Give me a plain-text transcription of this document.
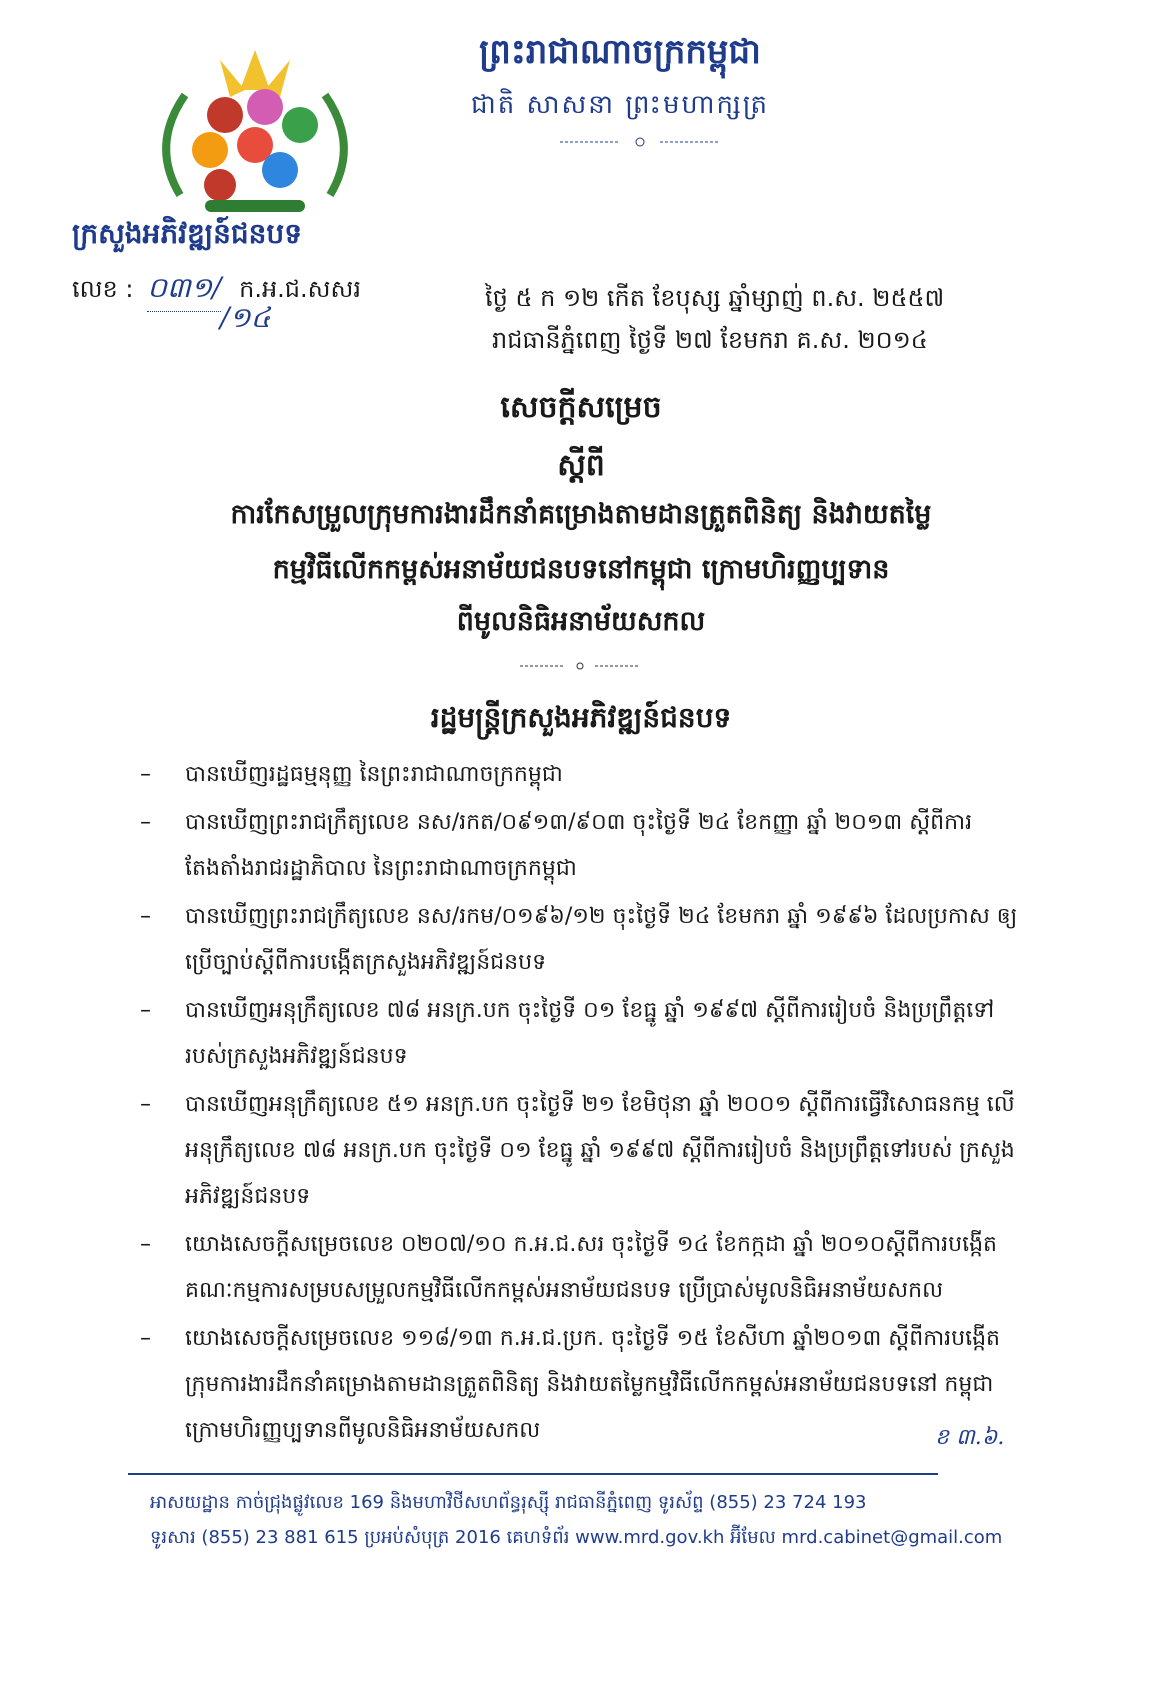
ព្រះរាជាណាចក្រកម្ពុជា
ជាតិ សាសនា ព្រះមហាក្សត្រ
ក្រសួងអភិវឌ្ឍន៍ជនបទ
លេខ : ០៣១/ ក.អ.ជ.សសរ
/១៤
ថ្ងៃ ៥ ក ១២ កើត ខែបុស្ស ឆ្នាំម្សាញ់ ព.ស. ២៥៥៧
រាជធានីភ្នំពេញ ថ្ងៃទី ២៧ ខែមករា គ.ស. ២០១៤
សេចក្តីសម្រេច
ស្តីពី
ការកែសម្រួលក្រុមការងារដឹកនាំគម្រោងតាមដានត្រួតពិនិត្យ និងវាយតម្លៃ
កម្មវិធីលើកកម្ពស់អនាម័យជនបទនៅកម្ពុជា ក្រោមហិរញ្ញប្បទាន
ពីមូលនិធិអនាម័យសកល
រដ្ឋមន្ត្រីក្រសួងអភិវឌ្ឍន៍ជនបទ
– បានឃើញរដ្ឋធម្មនុញ្ញ នៃព្រះរាជាណាចក្រកម្ពុជា
– បានឃើញព្រះរាជក្រឹត្យលេខ នស/រកត/០៩១៣/៩០៣ ចុះថ្ងៃទី ២៤ ខែកញ្ញា ឆ្នាំ ២០១៣ ស្តីពីការ តែងតាំងរាជរដ្ឋាភិបាល នៃព្រះរាជាណាចក្រកម្ពុជា
– បានឃើញព្រះរាជក្រឹត្យលេខ នស/រកម/០១៩៦/១២ ចុះថ្ងៃទី ២៤ ខែមករា ឆ្នាំ ១៩៩៦ ដែលប្រកាស ឲ្យប្រើច្បាប់ស្តីពីការបង្កើតក្រសួងអភិវឌ្ឍន៍ជនបទ
– បានឃើញអនុក្រឹត្យលេខ ៧៨ អនក្រ.បក ចុះថ្ងៃទី ០១ ខែធ្នូ ឆ្នាំ ១៩៩៧ ស្តីពីការរៀបចំ និងប្រព្រឹត្តទៅ របស់ក្រសួងអភិវឌ្ឍន៍ជនបទ
– បានឃើញអនុក្រឹត្យលេខ ៥១ អនក្រ.បក ចុះថ្ងៃទី ២១ ខែមិថុនា ឆ្នាំ ២០០១ ស្តីពីការធ្វើវិសោធនកម្ម លើអនុក្រឹត្យលេខ ៧៨ អនក្រ.បក ចុះថ្ងៃទី ០១ ខែធ្នូ ឆ្នាំ ១៩៩៧ ស្តីពីការរៀបចំ និងប្រព្រឹត្តទៅរបស់ ក្រសួងអភិវឌ្ឍន៍ជនបទ
– យោងសេចក្តីសម្រេចលេខ ០២០៧/១០ ក.អ.ជ.សរ ចុះថ្ងៃទី ១៤ ខែកក្កដា ឆ្នាំ ២០១០ស្តីពីការបង្កើត គណៈកម្មការសម្របសម្រួលកម្មវិធីលើកកម្ពស់អនាម័យជនបទ ប្រើប្រាស់មូលនិធិអនាម័យសកល
– យោងសេចក្តីសម្រេចលេខ ១១៨/១៣ ក.អ.ជ.ប្រក. ចុះថ្ងៃទី ១៥ ខែសីហា ឆ្នាំ២០១៣ ស្តីពីការបង្កើត ក្រុមការងារដឹកនាំគម្រោងតាមដានត្រួតពិនិត្យ និងវាយតម្លៃកម្មវិធីលើកកម្ពស់អនាម័យជនបទនៅ កម្ពុជាក្រោមហិរញ្ញប្បទានពីមូលនិធិអនាម័យសកល	ខ ៣.៦.
អាសយដ្ឋាន កាច់ជ្រុងផ្លូវលេខ 169 និងមហាវិថីសហព័ន្ធរុស្ស៊ី រាជធានីភ្នំពេញ ទូរស័ព្ទ (855) 23 724 193
ទូរសារ (855) 23 881 615 ប្រអប់សំបុត្រ 2016 គេហទំព័រ www.mrd.gov.kh អ៊ីមែល mrd.cabinet@gmail.com
